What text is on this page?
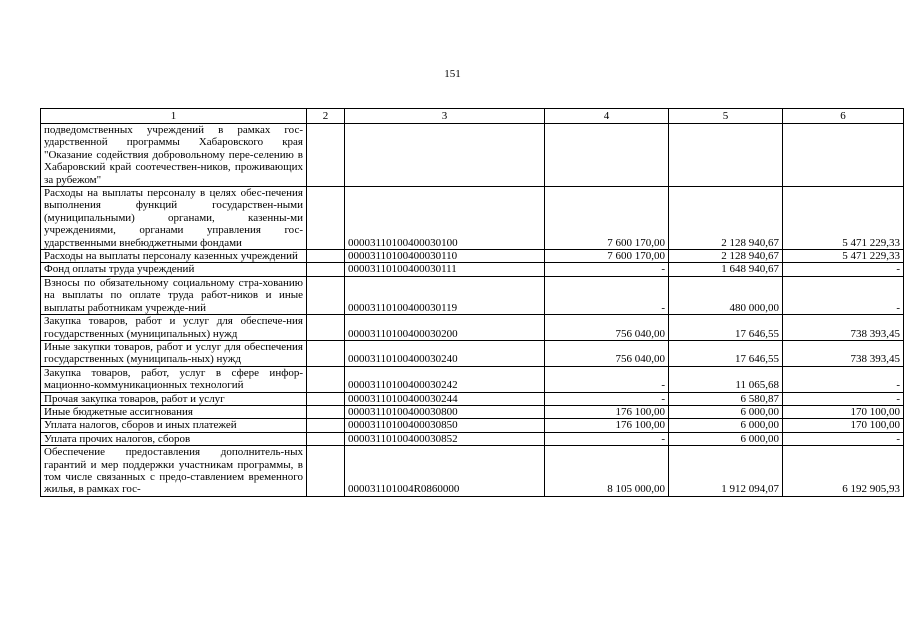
151
1	2	3	4	5	6
подведомственных учреждений в рамках гос-ударственной программы Хабаровского края "Оказание содействия добровольному пере-селению в Хабаровский край соотечествен-ников, проживающих за рубежом"					
Расходы на выплаты персоналу в целях обес-печения выполнения функций государствен-ными (муниципальными) органами, казенны-ми учреждениями, органами управления гос-ударственными внебюджетными фондами		00003110100400030100	7 600 170,00	2 128 940,67	5 471 229,33
Расходы на выплаты персоналу казенных учреждений		00003110100400030110	7 600 170,00	2 128 940,67	5 471 229,33
Фонд оплаты труда учреждений		00003110100400030111	-	1 648 940,67	-
Взносы по обязательному социальному стра-хованию на выплаты по оплате труда работ-ников и иные выплаты работникам учрежде-ний		00003110100400030119	-	480 000,00	-
Закупка товаров, работ и услуг для обеспече-ния государственных (муниципальных) нужд		00003110100400030200	756 040,00	17 646,55	738 393,45
Иные закупки товаров, работ и услуг для обеспечения государственных (муниципаль-ных) нужд		00003110100400030240	756 040,00	17 646,55	738 393,45
Закупка товаров, работ, услуг в сфере инфор-мационно-коммуникационных технологий		00003110100400030242	-	11 065,68	-
Прочая закупка товаров, работ и услуг		00003110100400030244	-	6 580,87	-
Иные бюджетные ассигнования		00003110100400030800	176 100,00	6 000,00	170 100,00
Уплата налогов, сборов и иных платежей		00003110100400030850	176 100,00	6 000,00	170 100,00
Уплата прочих налогов, сборов		00003110100400030852	-	6 000,00	-
Обеспечение предоставления дополнитель-ных гарантий и мер поддержки участникам программы, в том числе связанных с предо-ставлением временного жилья, в рамках гос-		000031101004R0860000	8 105 000,00	1 912 094,07	6 192 905,93
